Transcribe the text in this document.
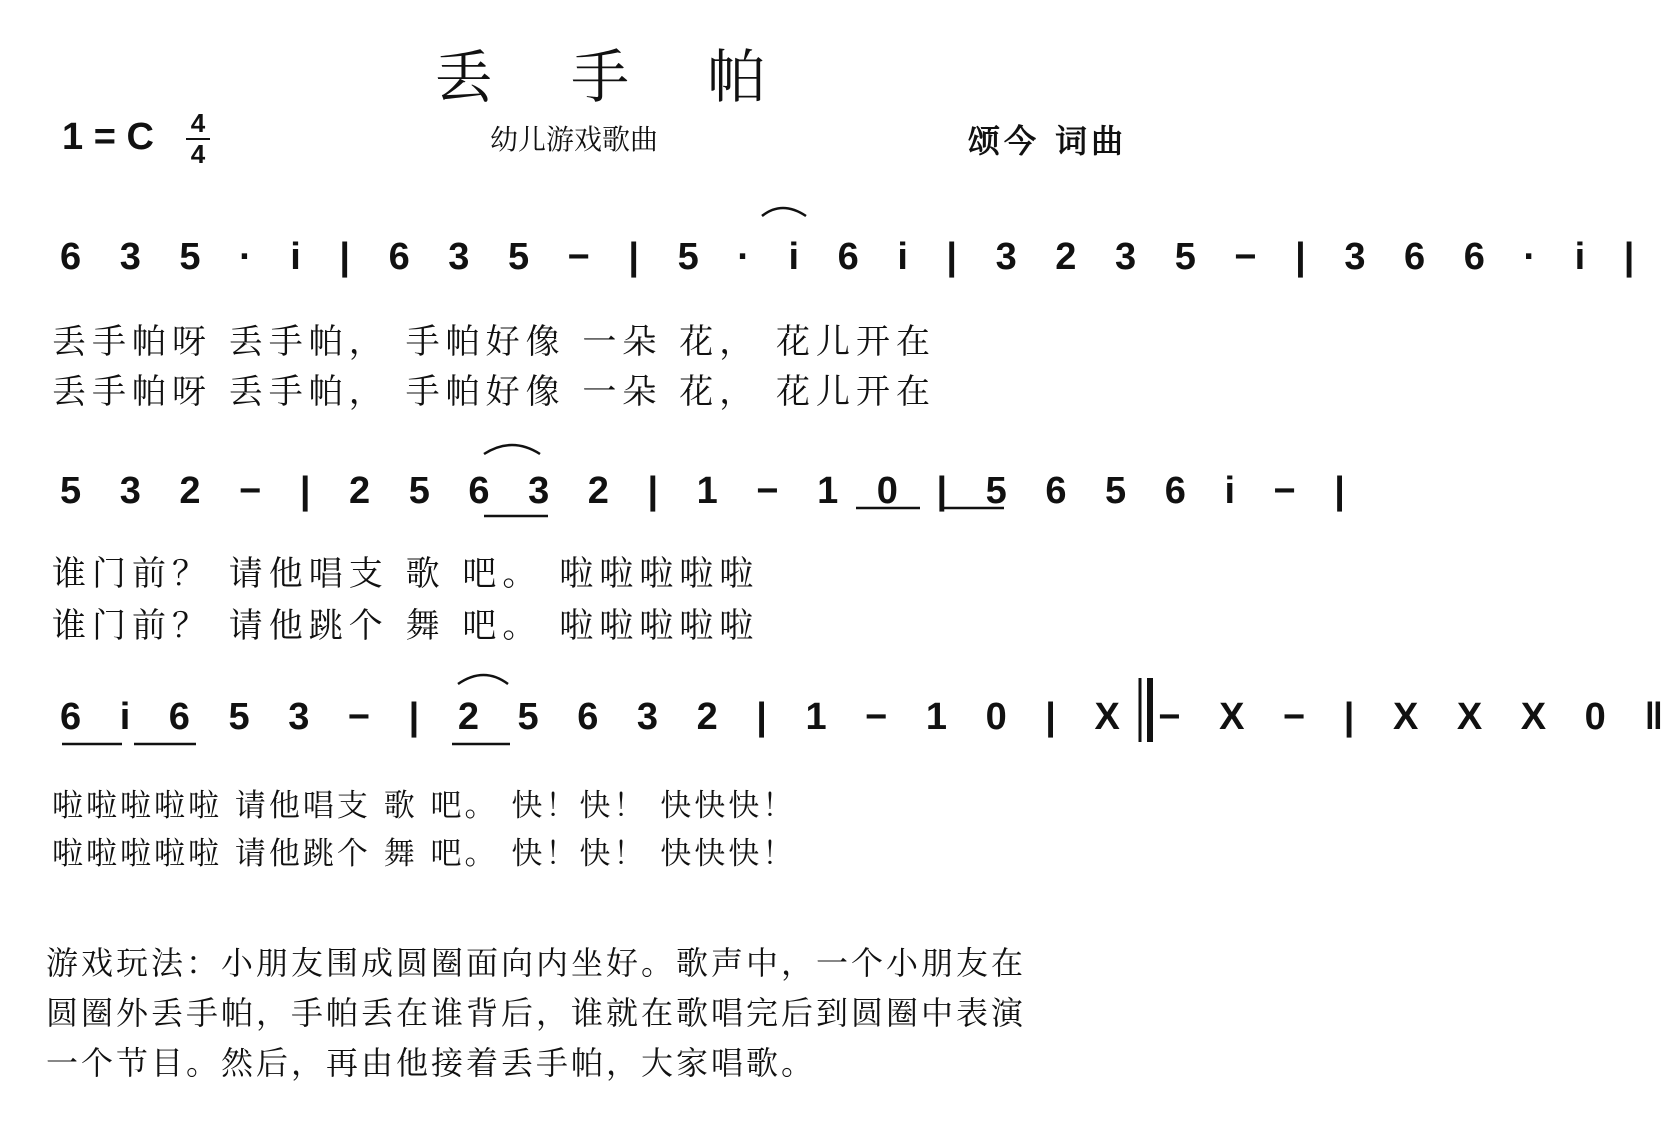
丢 手 帕
1 = C 4
4	幼儿游戏歌曲	颂今 词曲
6 3 5 · i | 6 3 5 − | 5 · i 6 i | 3 2 3 5 − | 3 6 6 · i |
丢手帕呀 丢手帕， 手帕好像 一朵 花， 花儿开在
丢手帕呀 丢手帕， 手帕好像 一朵 花， 花儿开在
5 3 2 − | 2 5 6 3 2 | 1 − 1 0 | 5 6 5 6 i − |
谁门前？ 请他唱支 歌 吧。 啦啦啦啦啦
谁门前？ 请他跳个 舞 吧。 啦啦啦啦啦
6 i 6 5 3 − | 2 5 6 3 2 | 1 − 1 0 | X − X − | X X X 0 ‖
啦啦啦啦啦 请他唱支 歌 吧。 快！快！ 快快快！
啦啦啦啦啦 请他跳个 舞 吧。 快！快！ 快快快！
游戏玩法：小朋友围成圆圈面向内坐好。歌声中，一个小朋友在
圆圈外丢手帕，手帕丢在谁背后，谁就在歌唱完后到圆圈中表演
一个节目。然后，再由他接着丢手帕，大家唱歌。
